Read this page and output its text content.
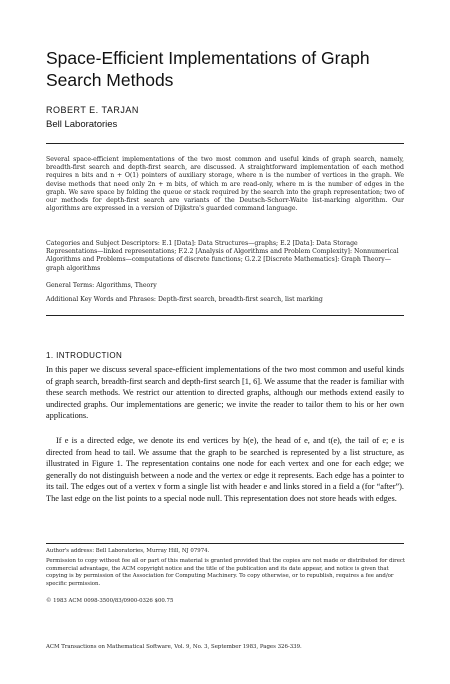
Space-Efficient Implementations of Graph Search Methods
ROBERT E. TARJAN
Bell Laboratories

Several space-efficient implementations of the two most common and useful kinds of graph search, namely, breadth-first search and depth-first search, are discussed. A straightforward implementation of each method requires n bits and n + O(1) pointers of auxiliary storage, where n is the number of vertices in the graph. We devise methods that need only 2n + m bits, of which m are read-only, where m is the number of edges in the graph. We save space by folding the queue or stack required by the search into the graph representation; two of our methods for depth-first search are variants of the Deutsch-Schorr-Waite list-marking algorithm. Our algorithms are expressed in a version of Dijkstra's guarded command language.

Categories and Subject Descriptors: E.1 [Data]: Data Structures—graphs; E.2 [Data]: Data Storage Representations—linked representations; F.2.2 [Analysis of Algorithms and Problem Complexity]: Nonnumerical Algorithms and Problems—computations of discrete functions; G.2.2 [Discrete Mathematics]: Graph Theory—graph algorithms

General Terms: Algorithms, Theory

Additional Key Words and Phrases: Depth-first search, breadth-first search, list marking

1. INTRODUCTION

In this paper we discuss several space-efficient implementations of the two most common and useful kinds of graph search, breadth-first search and depth-first search [1, 6]. We assume that the reader is familiar with these search methods. We restrict our attention to directed graphs, although our methods extend easily to undirected graphs. Our implementations are generic; we invite the reader to tailor them to his or her own applications.

If e is a directed edge, we denote its end vertices by h(e), the head of e, and t(e), the tail of e; e is directed from head to tail. We assume that the graph to be searched is represented by a list structure, as illustrated in Figure 1. The representation contains one node for each vertex and one for each edge; we generally do not distinguish between a node and the vertex or edge it represents. Each edge has a pointer to its tail. The edges out of a vertex v form a single list with header e and links stored in a field a (for “after”). The last edge on the list points to a special node null. This representation does not store heads with edges.

Author's address: Bell Laboratories, Murray Hill, NJ 07974.

Permission to copy without fee all or part of this material is granted provided that the copies are not made or distributed for direct commercial advantage, the ACM copyright notice and the title of the publication and its date appear, and notice is given that copying is by permission of the Association for Computing Machinery. To copy otherwise, or to republish, requires a fee and/or specific permission.

© 1983 ACM 0098-3500/83/0900-0326 $00.75

ACM Transactions on Mathematical Software, Vol. 9, No. 3, September 1983, Pages 326-339.
